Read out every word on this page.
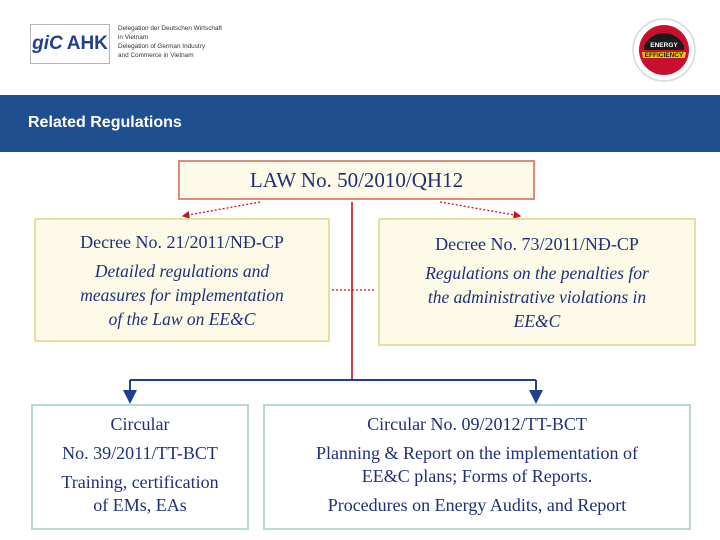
giC AHK
Delegation der Deutschen Wirtschaft
in Vietnam
Delegation of German Industry
and Commerce in Vietnam
ENERGY
EFFICIENCY
Related Regulations
LAW No. 50/2010/QH12
Decree No. 21/2011/NĐ-CP
Detailed regulations and
measures for implementation
of the Law on EE&C
Decree No. 73/2011/NĐ-CP
Regulations on the penalties for
the administrative violations in
EE&C
Circular
No. 39/2011/TT-BCT
Training, certification
of EMs, EAs
Circular No. 09/2012/TT-BCT
Planning & Report on the implementation of
EE&C plans; Forms of Reports.
Procedures on Energy Audits, and Report
